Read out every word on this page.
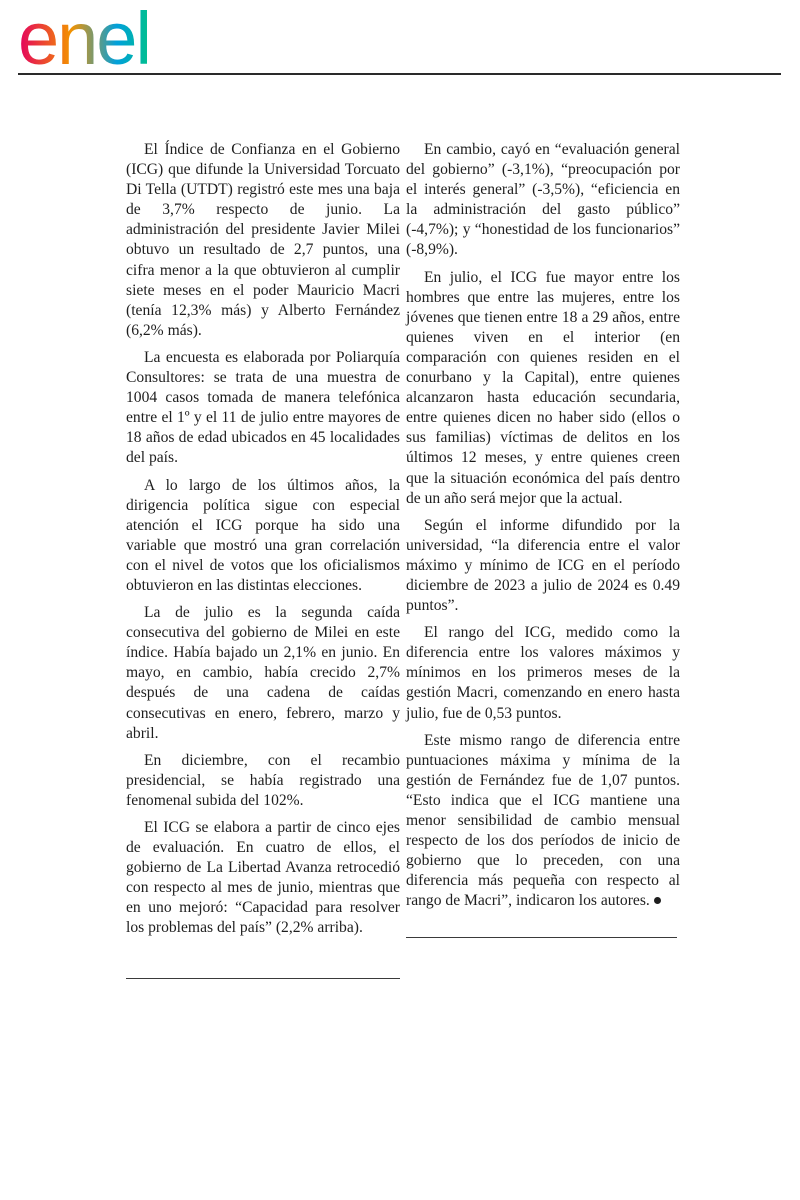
enel

El Índice de Confianza en el Gobierno (ICG) que difunde la Universidad Torcuato Di Tella (UTDT) registró este mes una baja de 3,7% respecto de junio. La administración del presidente Javier Milei obtuvo un resultado de 2,7 puntos, una cifra menor a la que obtuvieron al cumplir siete meses en el poder Mauricio Macri (tenía 12,3% más) y Alberto Fernández (6,2% más).

La encuesta es elaborada por Poliarquía Consultores: se trata de una muestra de 1004 casos tomada de manera telefónica entre el 1º y el 11 de julio entre mayores de 18 años de edad ubicados en 45 localidades del país.

A lo largo de los últimos años, la dirigencia política sigue con especial atención el ICG porque ha sido una variable que mostró una gran correlación con el nivel de votos que los oficialismos obtuvieron en las distintas elecciones.

La de julio es la segunda caída consecutiva del gobierno de Milei en este índice. Había bajado un 2,1% en junio. En mayo, en cambio, había crecido 2,7% después de una cadena de caídas consecutivas en enero, febrero, marzo y abril.

En diciembre, con el recambio presidencial, se había registrado una fenomenal subida del 102%.

El ICG se elabora a partir de cinco ejes de evaluación. En cuatro de ellos, el gobierno de La Libertad Avanza retrocedió con respecto al mes de junio, mientras que en uno mejoró: “Capacidad para resolver los problemas del país” (2,2% arriba).

En cambio, cayó en “evaluación general del gobierno” (-3,1%), “preocupación por el interés general” (-3,5%), “eficiencia en la administración del gasto público” (-4,7%); y “honestidad de los funcionarios” (-8,9%).

En julio, el ICG fue mayor entre los hombres que entre las mujeres, entre los jóvenes que tienen entre 18 a 29 años, entre quienes viven en el interior (en comparación con quienes residen en el conurbano y la Capital), entre quienes alcanzaron hasta educación secundaria, entre quienes dicen no haber sido (ellos o sus familias) víctimas de delitos en los últimos 12 meses, y entre quienes creen que la situación económica del país dentro de un año será mejor que la actual.

Según el informe difundido por la universidad, “la diferencia entre el valor máximo y mínimo de ICG en el período diciembre de 2023 a julio de 2024 es 0.49 puntos”.

El rango del ICG, medido como la diferencia entre los valores máximos y mínimos en los primeros meses de la gestión Macri, comenzando en enero hasta julio, fue de 0,53 puntos.

Este mismo rango de diferencia entre puntuaciones máxima y mínima de la gestión de Fernández fue de 1,07 puntos. “Esto indica que el ICG mantiene una menor sensibilidad de cambio mensual respecto de los dos períodos de inicio de gobierno que lo preceden, con una diferencia más pequeña con respecto al rango de Macri”, indicaron los autores.
